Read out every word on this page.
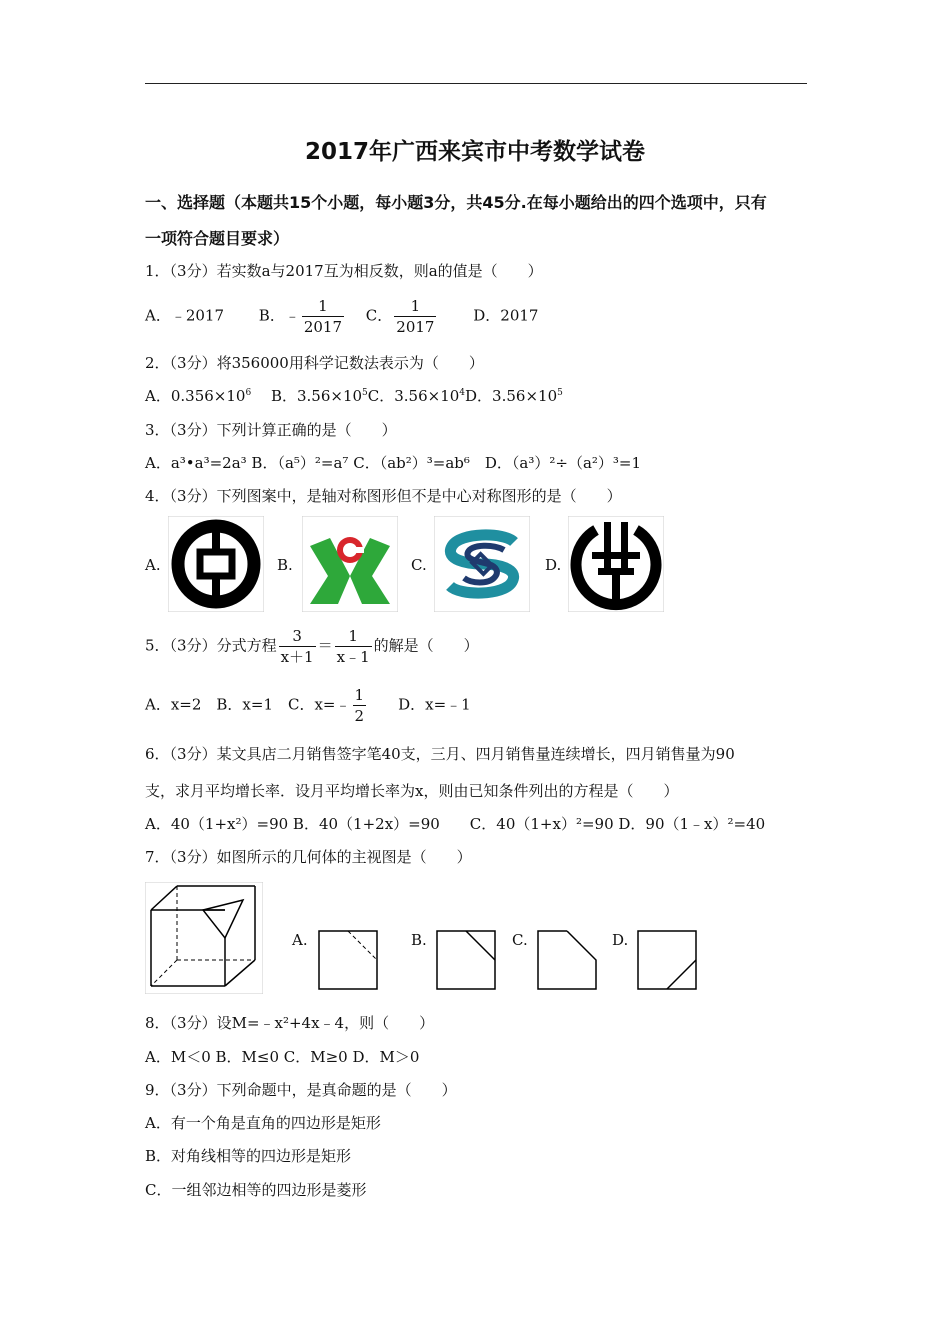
2017年广西来宾市中考数学试卷
一、选择题（本题共15个小题，每小题3分，共45分.在每小题给出的四个选项中，只有
一项符合题目要求）
1．（3分）若实数a与2017互为相反数，则a的值是（　　）
A．﹣2017　　 B．﹣ $\frac{1}{2017}$
　 C． $\frac{1}{2017}$
　　 D．2017
2．（3分）将356000用科学记数法表示为（　　）
A．$0.356\times 10^6$　 B．$3.56\times 10^5C$．$3.56\times 10^4D$．$3.56\times 10^5$
3．（3分）下列计算正确的是（　　）
A．a³•a³=2a³ B．（a⁵）²=a⁷ C．（ab²）³=ab⁶　D．（a³）²÷（a²）³=1
4．（3分）下列图案中，是轴对称图形但不是中心对称图形的是（　　）
A.	B.	C.	D.
5．（3分）分式方程 $\frac{3}{x+1} = \frac{1}{x﹣1}$ 的解是（　　）
A．x=2　B．x=1　C．x=﹣ $\frac{1}{2}$
　　 D．x=﹣1
6．（3分）某文具店二月销售签字笔40支，三月、四月销售量连续增长，四月销售量为90
支，求月平均增长率．设月平均增长率为x，则由已知条件列出的方程是（　　）
A．40（1+x²）=90 B．40（1+2x）=90　　C．40（1+x）²=90 D．90（1﹣x）²=40
7．（3分）如图所示的几何体的主视图是（　　）
A.	B.	C.	D.
8．（3分）设M=﹣x²+4x﹣4，则（　　）
A．M＜0 B．M≤0 C．M≥0 D．M＞0
9．（3分）下列命题中，是真命题的是（　　）
A．有一个角是直角的四边形是矩形
B．对角线相等的四边形是矩形
C．一组邻边相等的四边形是菱形
